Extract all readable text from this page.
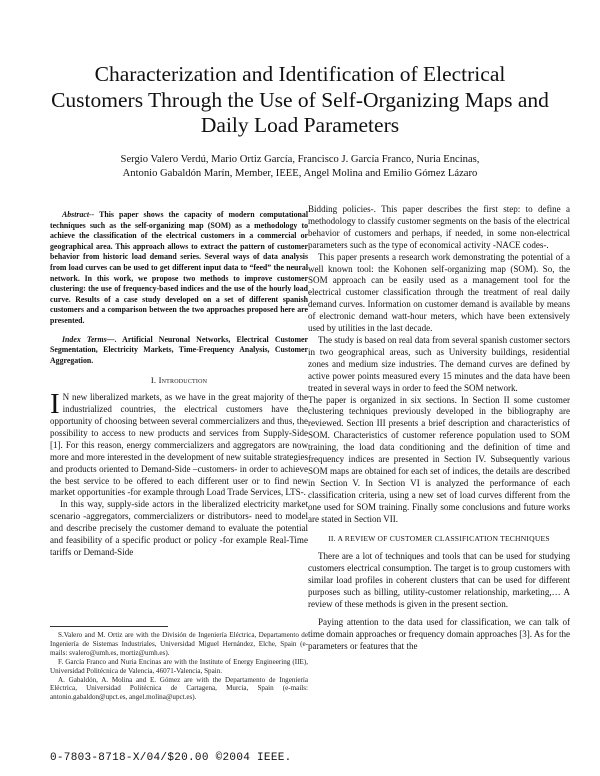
Characterization and Identification of Electrical Customers Through the Use of Self-Organizing Maps and Daily Load Parameters
Sergio Valero Verdú, Mario Ortiz García, Francisco J. García Franco, Nuria Encinas,
Antonio Gabaldón Marín, Member, IEEE, Angel Molina and Emilio Gómez Lázaro

Abstract-- This paper shows the capacity of modern computational techniques such as the self-organizing map (SOM) as a methodology to achieve the classification of the electrical customers in a commercial or geographical area. This approach allows to extract the pattern of customer behavior from historic load demand series. Several ways of data analysis from load curves can be used to get different input data to “feed” the neural network. In this work, we propose two methods to improve customer clustering: the use of frequency-based indices and the use of the hourly load curve. Results of a case study developed on a set of different spanish customers and a comparison between the two approaches proposed here are presented.

Index Terms—. Artificial Neuronal Networks, Electrical Customer Segmentation, Electricity Markets, Time-Frequency Analysis, Customer Aggregation.

I. Introduction

I N new liberalized markets, as we have in the great majority of the industrialized countries, the electrical customers have the opportunity of choosing between several commercializers and thus, the possibility to access to new products and services from Supply-Side [1]. For this reason, energy commercializers and aggregators are now more and more interested in the development of new suitable strategies and products oriented to Demand-Side –customers- in order to achieve the best service to be offered to each different user or to find new market opportunities -for example through Load Trade Services, LTS-.

In this way, supply-side actors in the liberalized electricity market scenario -aggregators, commercializers or distributors- need to model and describe precisely the customer demand to evaluate the potential and feasibility of a specific product or policy -for example Real-Time tariffs or Demand-Side

S.Valero and M. Ortiz are with the División de Ingeniería Eléctrica, Departamento de Ingeniería de Sistemas Industriales, Universidad Miguel Hernández, Elche, Spain (e-mails: svalero@umh.es, mortiz@umh.es).

F. García Franco and Nuria Encinas are with the Institute of Energy Engineering (IIE), Universidad Politécnica de Valencia, 46071-Valencia, Spain.

A. Gabaldón, A. Molina and E. Gómez are with the Departamento de Ingeniería Eléctrica, Universidad Politécnica de Cartagena, Murcia, Spain (e-mails: antonio.gabaldon@upct.es, angel.molina@upct.es).

Bidding policies-. This paper describes the first step: to define a methodology to classify customer segments on the basis of the electrical behavior of customers and perhaps, if needed, in some non-electrical parameters such as the type of economical activity -NACE codes-.

This paper presents a research work demonstrating the potential of a well known tool: the Kohonen self-organizing map (SOM). So, the SOM approach can be easily used as a management tool for the electrical customer classification through the treatment of real daily demand curves. Information on customer demand is available by means of electronic demand watt-hour meters, which have been extensively used by utilities in the last decade.

The study is based on real data from several spanish customer sectors in two geographical areas, such as University buildings, residential zones and medium size industries. The demand curves are defined by active power points measured every 15 minutes and the data have been treated in several ways in order to feed the SOM network.

The paper is organized in six sections. In Section II some customer clustering techniques previously developed in the bibliography are reviewed. Section III presents a brief description and characteristics of SOM. Characteristics of customer reference population used to SOM training, the load data conditioning and the definition of time and frequency indices are presented in Section IV. Subsequently various SOM maps are obtained for each set of indices, the details are described in Section V. In Section VI is analyzed the performance of each classification criteria, using a new set of load curves different from the one used for SOM training. Finally some conclusions and future works are stated in Section VII.

II. A REVIEW OF CUSTOMER CLASSIFICATION TECHNIQUES

There are a lot of techniques and tools that can be used for studying customers electrical consumption. The target is to group customers with similar load profiles in coherent clusters that can be used for different purposes such as billing, utility-customer relationship, marketing,… A review of these methods is given in the present section.

Paying attention to the data used for classification, we can talk of time domain approaches or frequency domain approaches [3]. As for the parameters or features that the

0-7803-8718-X/04/$20.00 ©2004 IEEE.
